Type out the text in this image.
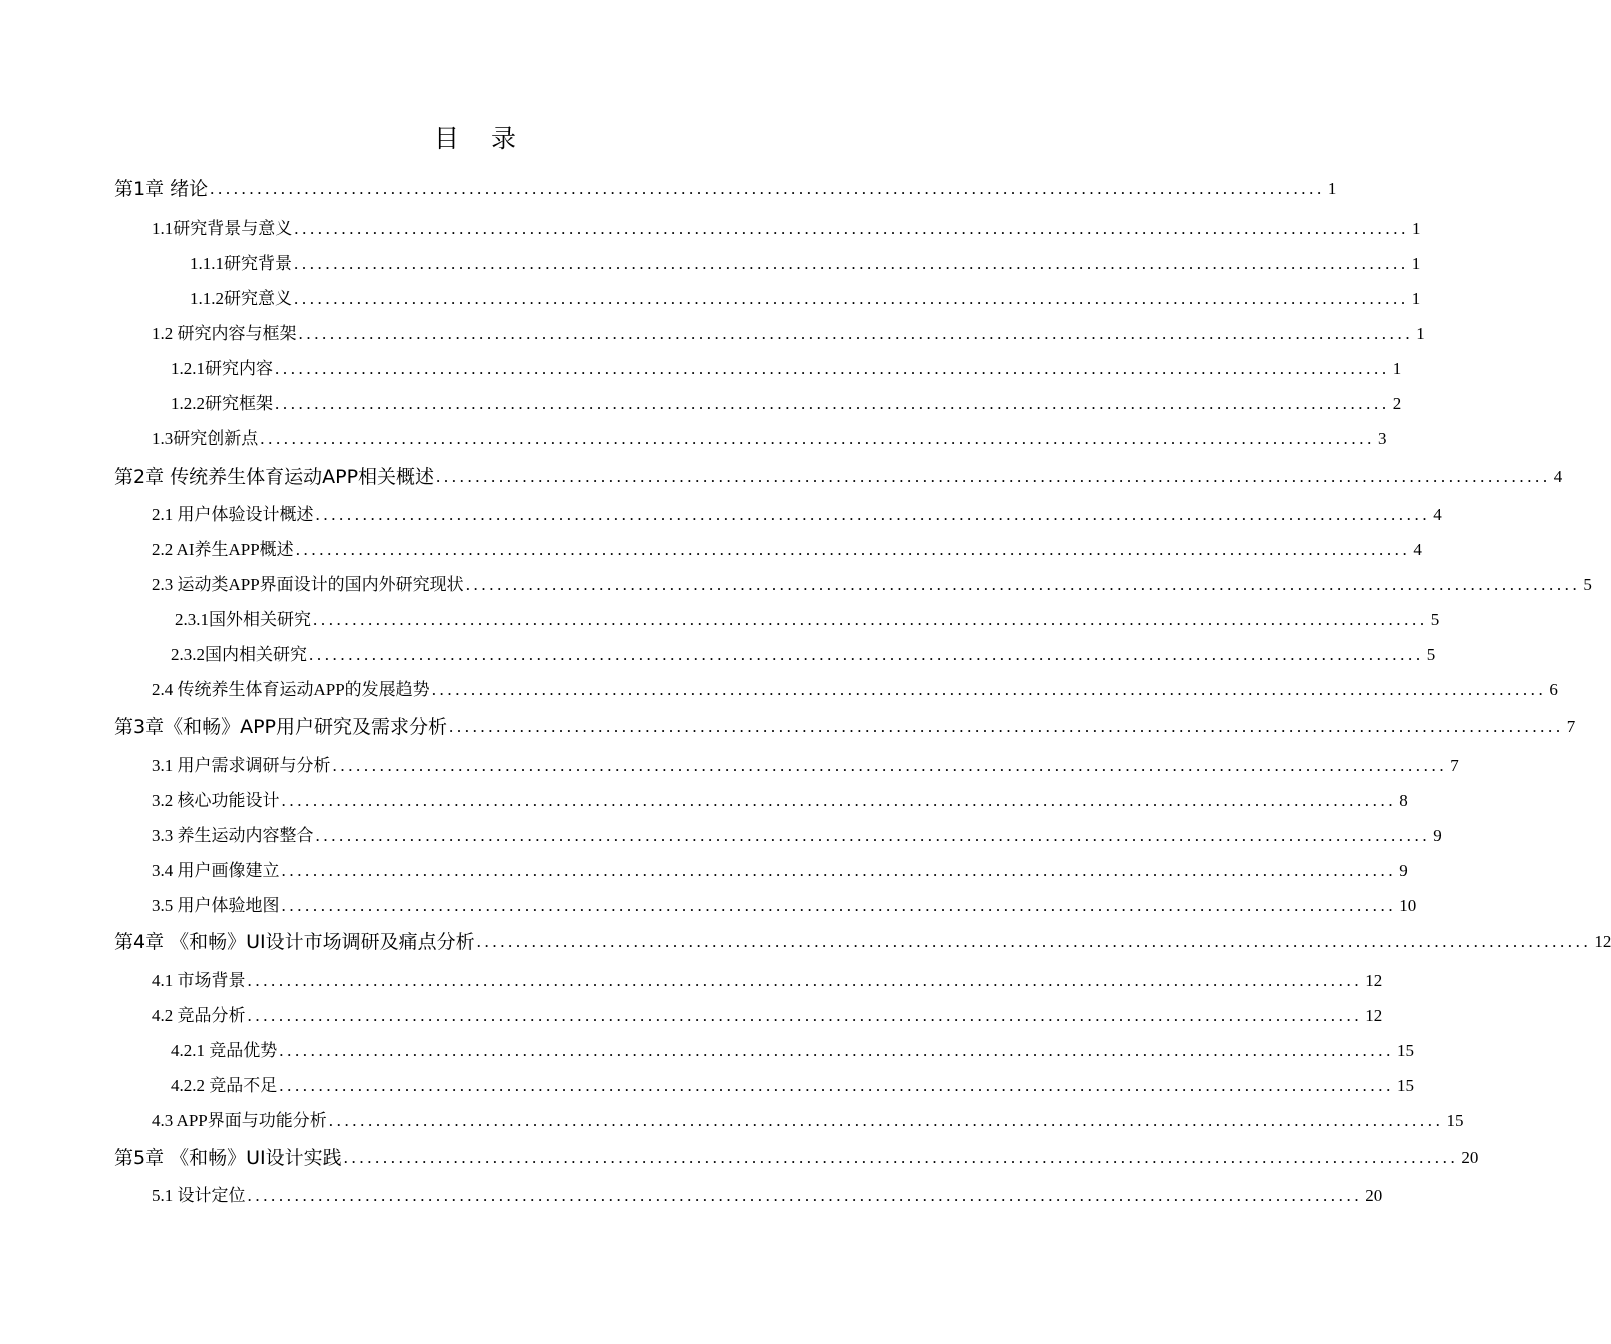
目 录
第1章 绪论 .............................................................................................................................................. 1
1.1研究背景与意义 .............................................................................................................................................. 1
1.1.1研究背景 .............................................................................................................................................. 1
1.1.2研究意义 .............................................................................................................................................. 1
1.2 研究内容与框架 .............................................................................................................................................. 1
1.2.1研究内容 .............................................................................................................................................. 1
1.2.2研究框架 .............................................................................................................................................. 2
1.3研究创新点 .............................................................................................................................................. 3
第2章 传统养生体育运动APP相关概述 .............................................................................................................................................. 4
2.1 用户体验设计概述 .............................................................................................................................................. 4
2.2 AI养生APP概述 .............................................................................................................................................. 4
2.3 运动类APP界面设计的国内外研究现状 .............................................................................................................................................. 5
2.3.1国外相关研究 .............................................................................................................................................. 5
2.3.2国内相关研究 .............................................................................................................................................. 5
2.4 传统养生体育运动APP的发展趋势 .............................................................................................................................................. 6
第3章《和畅》APP用户研究及需求分析 .............................................................................................................................................. 7
3.1 用户需求调研与分析 .............................................................................................................................................. 7
3.2 核心功能设计 .............................................................................................................................................. 8
3.3 养生运动内容整合 .............................................................................................................................................. 9
3.4 用户画像建立 .............................................................................................................................................. 9
3.5 用户体验地图 .............................................................................................................................................. 10
第4章 《和畅》UI设计市场调研及痛点分析 .............................................................................................................................................. 12
4.1 市场背景 .............................................................................................................................................. 12
4.2 竞品分析 .............................................................................................................................................. 12
4.2.1 竞品优势 .............................................................................................................................................. 15
4.2.2 竞品不足 .............................................................................................................................................. 15
4.3 APP界面与功能分析 .............................................................................................................................................. 15
第5章 《和畅》UI设计实践 .............................................................................................................................................. 20
5.1 设计定位 .............................................................................................................................................. 20
